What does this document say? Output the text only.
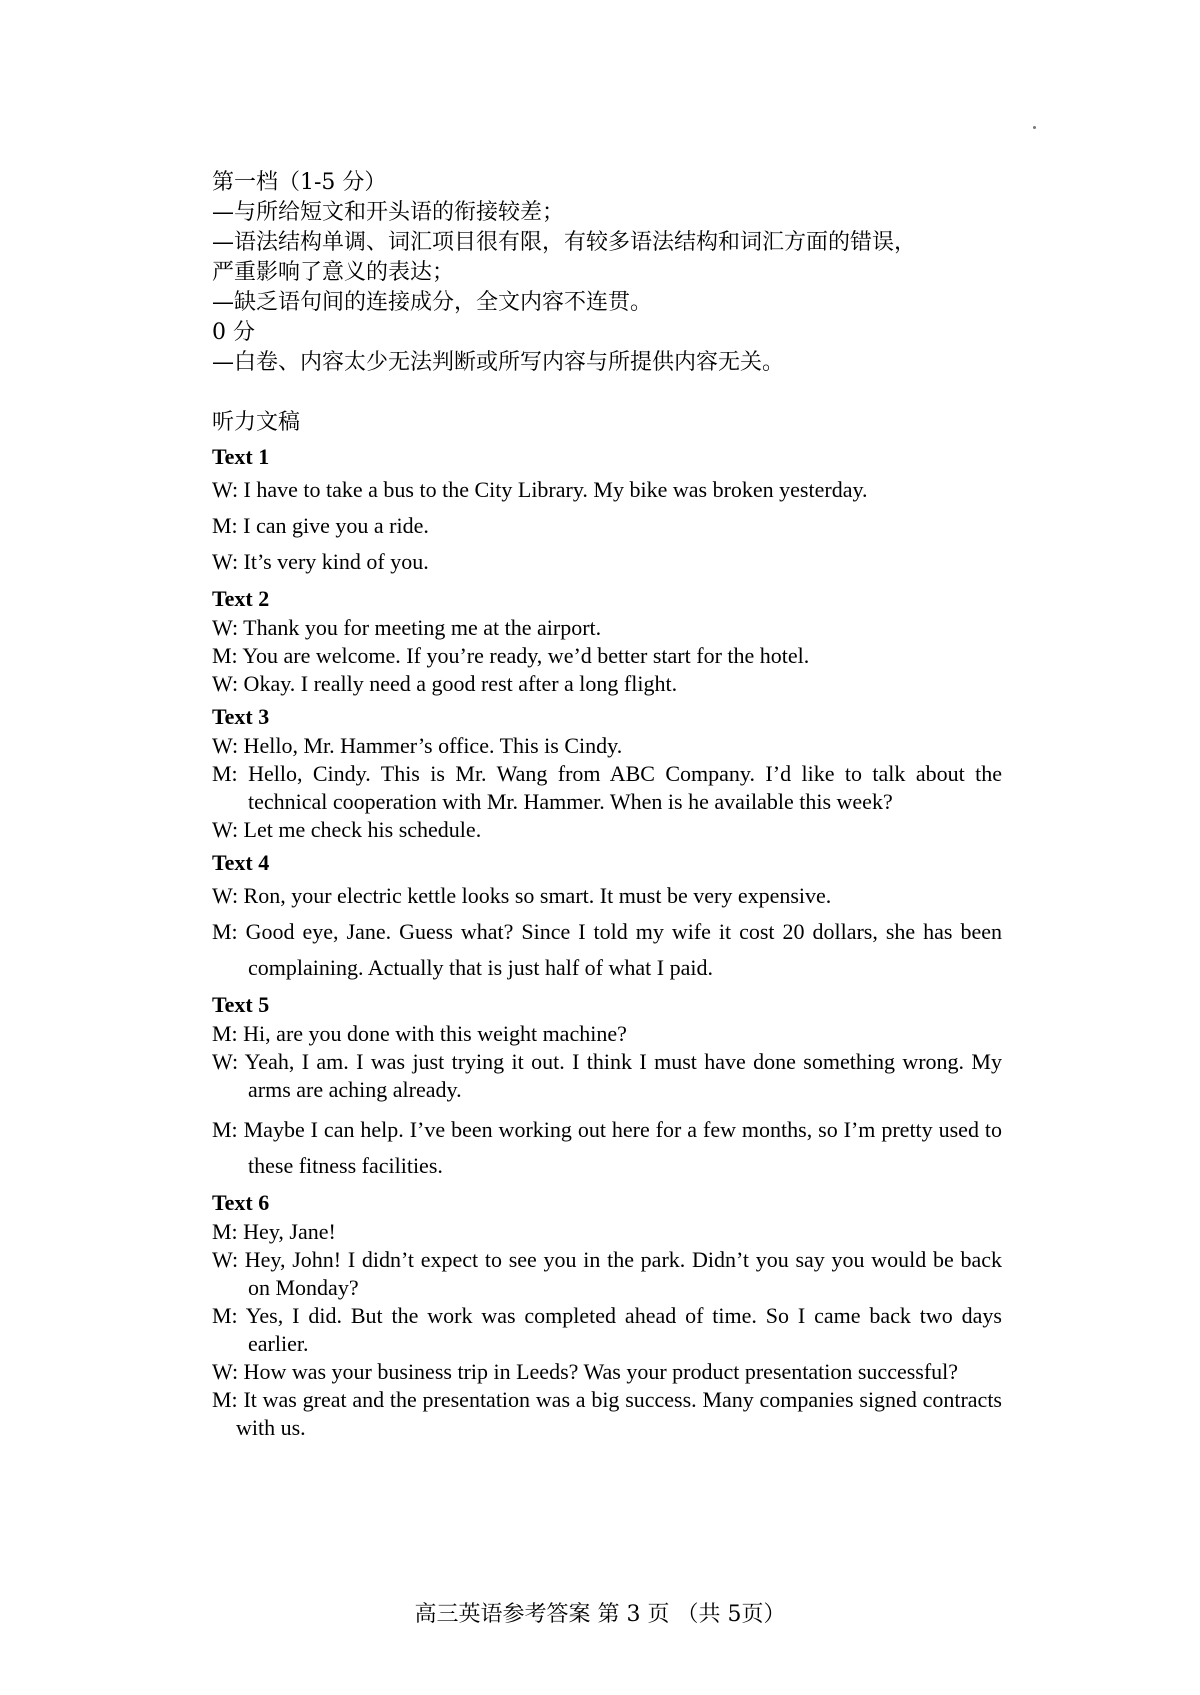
第一档（1-5 分）
—与所给短文和开头语的衔接较差；
—语法结构单调、词汇项目很有限，有较多语法结构和词汇方面的错误，
严重影响了意义的表达；
—缺乏语句间的连接成分，全文内容不连贯。
0 分
—白卷、内容太少无法判断或所写内容与所提供内容无关。
听力文稿
Text 1
W: I have to take a bus to the City Library. My bike was broken yesterday.
M: I can give you a ride.
W: It’s very kind of you.
Text 2
W: Thank you for meeting me at the airport.
M: You are welcome. If you’re ready, we’d better start for the hotel.
W: Okay. I really need a good rest after a long flight.
Text 3
W: Hello, Mr. Hammer’s office. This is Cindy.
M: Hello, Cindy. This is Mr. Wang from ABC Company. I’d like to talk about the technical cooperation with Mr. Hammer. When is he available this week?
W: Let me check his schedule.
Text 4
W: Ron, your electric kettle looks so smart. It must be very expensive.
M: Good eye, Jane. Guess what? Since I told my wife it cost 20 dollars, she has been complaining. Actually that is just half of what I paid.
Text 5
M: Hi, are you done with this weight machine?
W: Yeah, I am. I was just trying it out. I think I must have done something wrong. My arms are aching already.
M: Maybe I can help. I’ve been working out here for a few months, so I’m pretty used to these fitness facilities.
Text 6
M: Hey, Jane!
W: Hey, John! I didn’t expect to see you in the park. Didn’t you say you would be back on Monday?
M: Yes, I did. But the work was completed ahead of time. So I came back two days earlier.
W: How was your business trip in Leeds? Was your product presentation successful?
M: It was great and the presentation was a big success. Many companies signed contracts with us.
高三英语参考答案 第 3 页 （共 5页）
